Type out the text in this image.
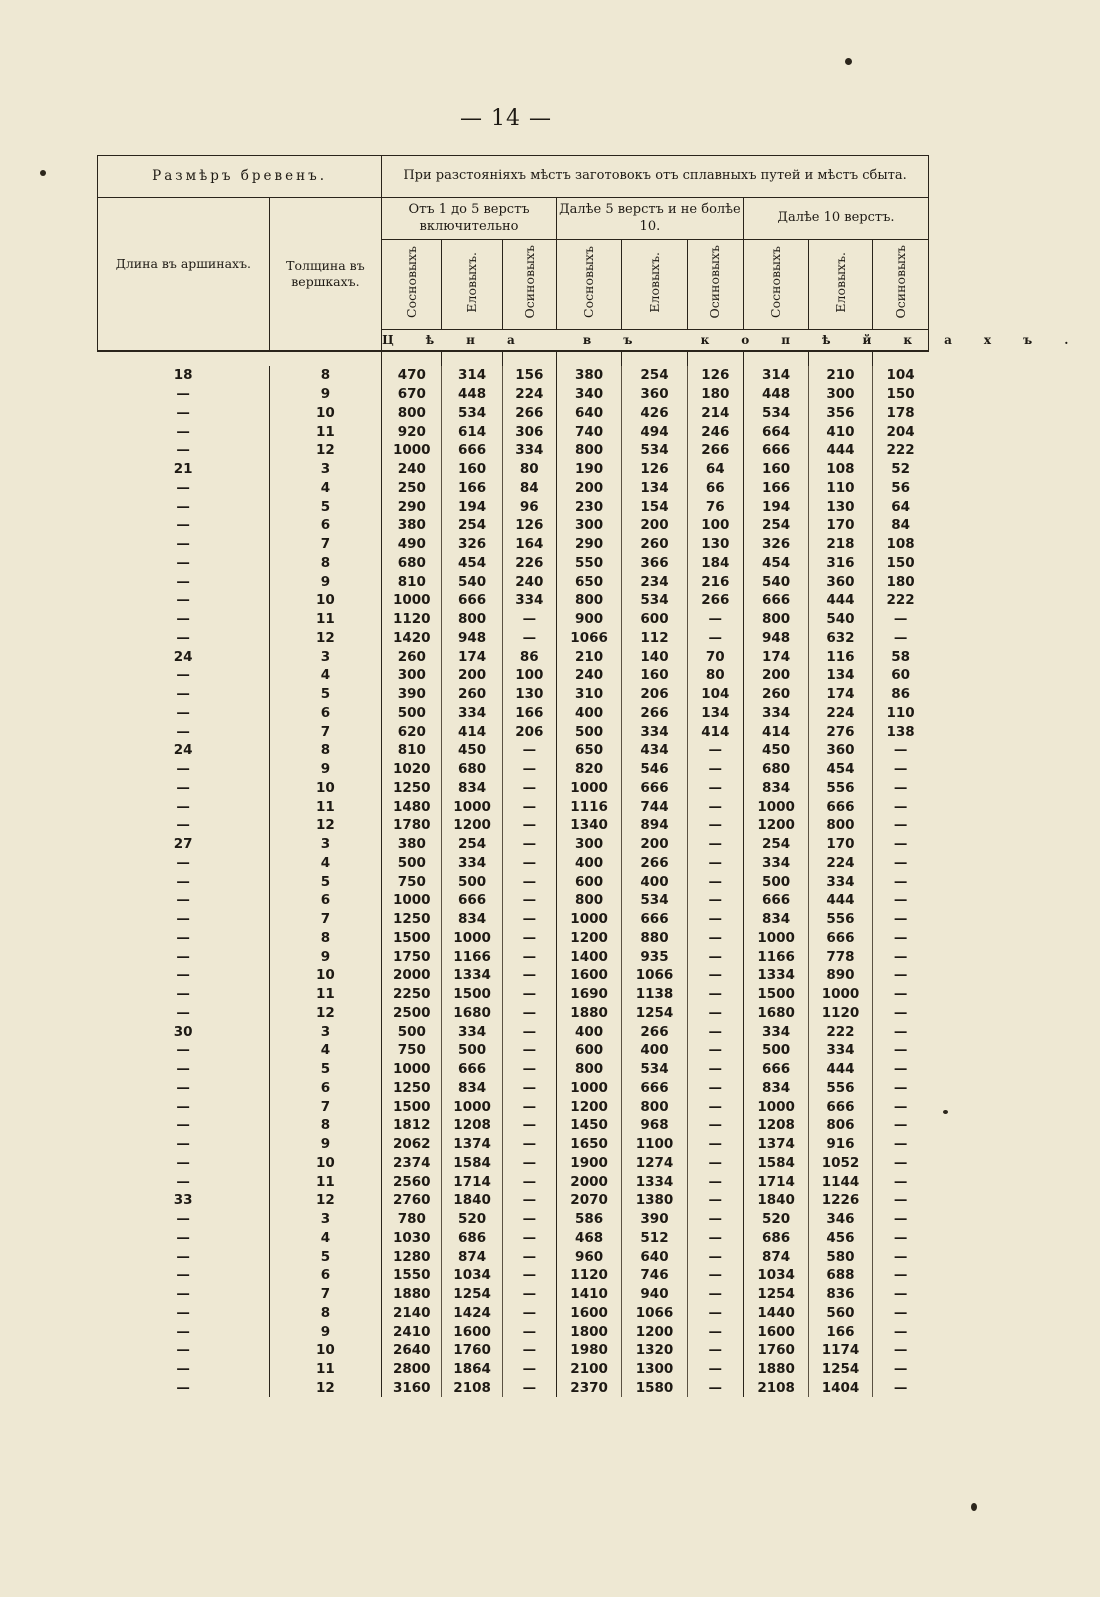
— 14 —
Размѣръ бревенъ.		При разстояніяхъ мѣстъ заготовокъ отъ сплавныхъ путей и мѣстъ сбыта.								
Длина въ аршинахъ.	Толщина въ вершкахъ.	Отъ 1 до 5 верстъ включительно			Далѣе 5 верстъ и не болѣе 10.			Далѣе 10 верстъ.		
		Сосновыхъ	Еловыхъ.	Осиновыхъ	Сосновыхъ	Еловыхъ.	Осиновыхъ	Сосновыхъ	Еловыхъ.	Осиновыхъ
		Цѣна въ копѣйкахъ.								

18	8	470	314	156	380	254	126	314	210	104
—	9	670	448	224	340	360	180	448	300	150
—	10	800	534	266	640	426	214	534	356	178
—	11	920	614	306	740	494	246	664	410	204
—	12	1000	666	334	800	534	266	666	444	222
21	3	240	160	80	190	126	64	160	108	52
—	4	250	166	84	200	134	66	166	110	56
—	5	290	194	96	230	154	76	194	130	64
—	6	380	254	126	300	200	100	254	170	84
—	7	490	326	164	290	260	130	326	218	108
—	8	680	454	226	550	366	184	454	316	150
—	9	810	540	240	650	234	216	540	360	180
—	10	1000	666	334	800	534	266	666	444	222
—	11	1120	800	—	900	600	—	800	540	—
—	12	1420	948	—	1066	112	—	948	632	—
24	3	260	174	86	210	140	70	174	116	58
—	4	300	200	100	240	160	80	200	134	60
—	5	390	260	130	310	206	104	260	174	86
—	6	500	334	166	400	266	134	334	224	110
—	7	620	414	206	500	334	414	414	276	138
24	8	810	450	—	650	434	—	450	360	—
—	9	1020	680	—	820	546	—	680	454	—
—	10	1250	834	—	1000	666	—	834	556	—
—	11	1480	1000	—	1116	744	—	1000	666	—
—	12	1780	1200	—	1340	894	—	1200	800	—
27	3	380	254	—	300	200	—	254	170	—
—	4	500	334	—	400	266	—	334	224	—
—	5	750	500	—	600	400	—	500	334	—
—	6	1000	666	—	800	534	—	666	444	—
—	7	1250	834	—	1000	666	—	834	556	—
—	8	1500	1000	—	1200	880	—	1000	666	—
—	9	1750	1166	—	1400	935	—	1166	778	—
—	10	2000	1334	—	1600	1066	—	1334	890	—
—	11	2250	1500	—	1690	1138	—	1500	1000	—
—	12	2500	1680	—	1880	1254	—	1680	1120	—
30	3	500	334	—	400	266	—	334	222	—
—	4	750	500	—	600	400	—	500	334	—
—	5	1000	666	—	800	534	—	666	444	—
—	6	1250	834	—	1000	666	—	834	556	—
—	7	1500	1000	—	1200	800	—	1000	666	—
—	8	1812	1208	—	1450	968	—	1208	806	—
—	9	2062	1374	—	1650	1100	—	1374	916	—
—	10	2374	1584	—	1900	1274	—	1584	1052	—
—	11	2560	1714	—	2000	1334	—	1714	1144	—
33	12	2760	1840	—	2070	1380	—	1840	1226	—
—	3	780	520	—	586	390	—	520	346	—
—	4	1030	686	—	468	512	—	686	456	—
—	5	1280	874	—	960	640	—	874	580	—
—	6	1550	1034	—	1120	746	—	1034	688	—
—	7	1880	1254	—	1410	940	—	1254	836	—
—	8	2140	1424	—	1600	1066	—	1440	560	—
—	9	2410	1600	—	1800	1200	—	1600	166	—
—	10	2640	1760	—	1980	1320	—	1760	1174	—
—	11	2800	1864	—	2100	1300	—	1880	1254	—
—	12	3160	2108	—	2370	1580	—	2108	1404	—
